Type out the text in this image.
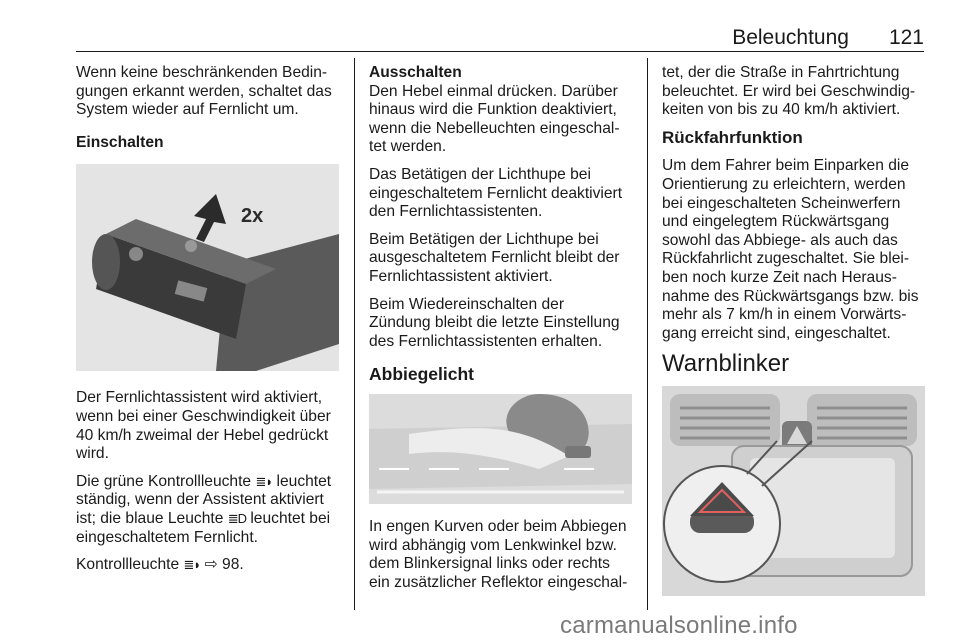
Beleuchtung 121

Wenn keine beschränkenden Bedin-
gungen erkannt werden, schaltet das
System wieder auf Fernlicht um.

Einschalten
2x

Der Fernlichtassistent wird aktiviert,
wenn bei einer Geschwindigkeit über
40 km/h zweimal der Hebel gedrückt
wird.

Die grüne Kontrollleuchte ≣◗ leuchtet
ständig, wenn der Assistent aktiviert
ist; die blaue Leuchte ≣D leuchtet bei
eingeschaltetem Fernlicht.

Kontrollleuchte ≣◗ ⇨ 98.

Ausschalten

Den Hebel einmal drücken. Darüber
hinaus wird die Funktion deaktiviert,
wenn die Nebelleuchten eingeschal-
tet werden.

Das Betätigen der Lichthupe bei
eingeschaltetem Fernlicht deaktiviert
den Fernlichtassistenten.

Beim Betätigen der Lichthupe bei
ausgeschaltetem Fernlicht bleibt der
Fernlichtassistent aktiviert.

Beim Wiedereinschalten der
Zündung bleibt die letzte Einstellung
des Fernlichtassistenten erhalten.

Abbiegelicht

In engen Kurven oder beim Abbiegen
wird abhängig vom Lenkwinkel bzw.
dem Blinkersignal links oder rechts
ein zusätzlicher Reflektor eingeschal-

tet, der die Straße in Fahrtrichtung
beleuchtet. Er wird bei Geschwindig-
keiten von bis zu 40 km/h aktiviert.

Rückfahrfunktion

Um dem Fahrer beim Einparken die
Orientierung zu erleichtern, werden
bei eingeschalteten Scheinwerfern
und eingelegtem Rückwärtsgang
sowohl das Abbiege- als auch das
Rückfahrlicht zugeschaltet. Sie blei-
ben noch kurze Zeit nach Heraus-
nahme des Rückwärtsgangs bzw. bis
mehr als 7 km/h in einem Vorwärts-
gang erreicht sind, eingeschaltet.

Warnblinker
carmanualsonline.info
